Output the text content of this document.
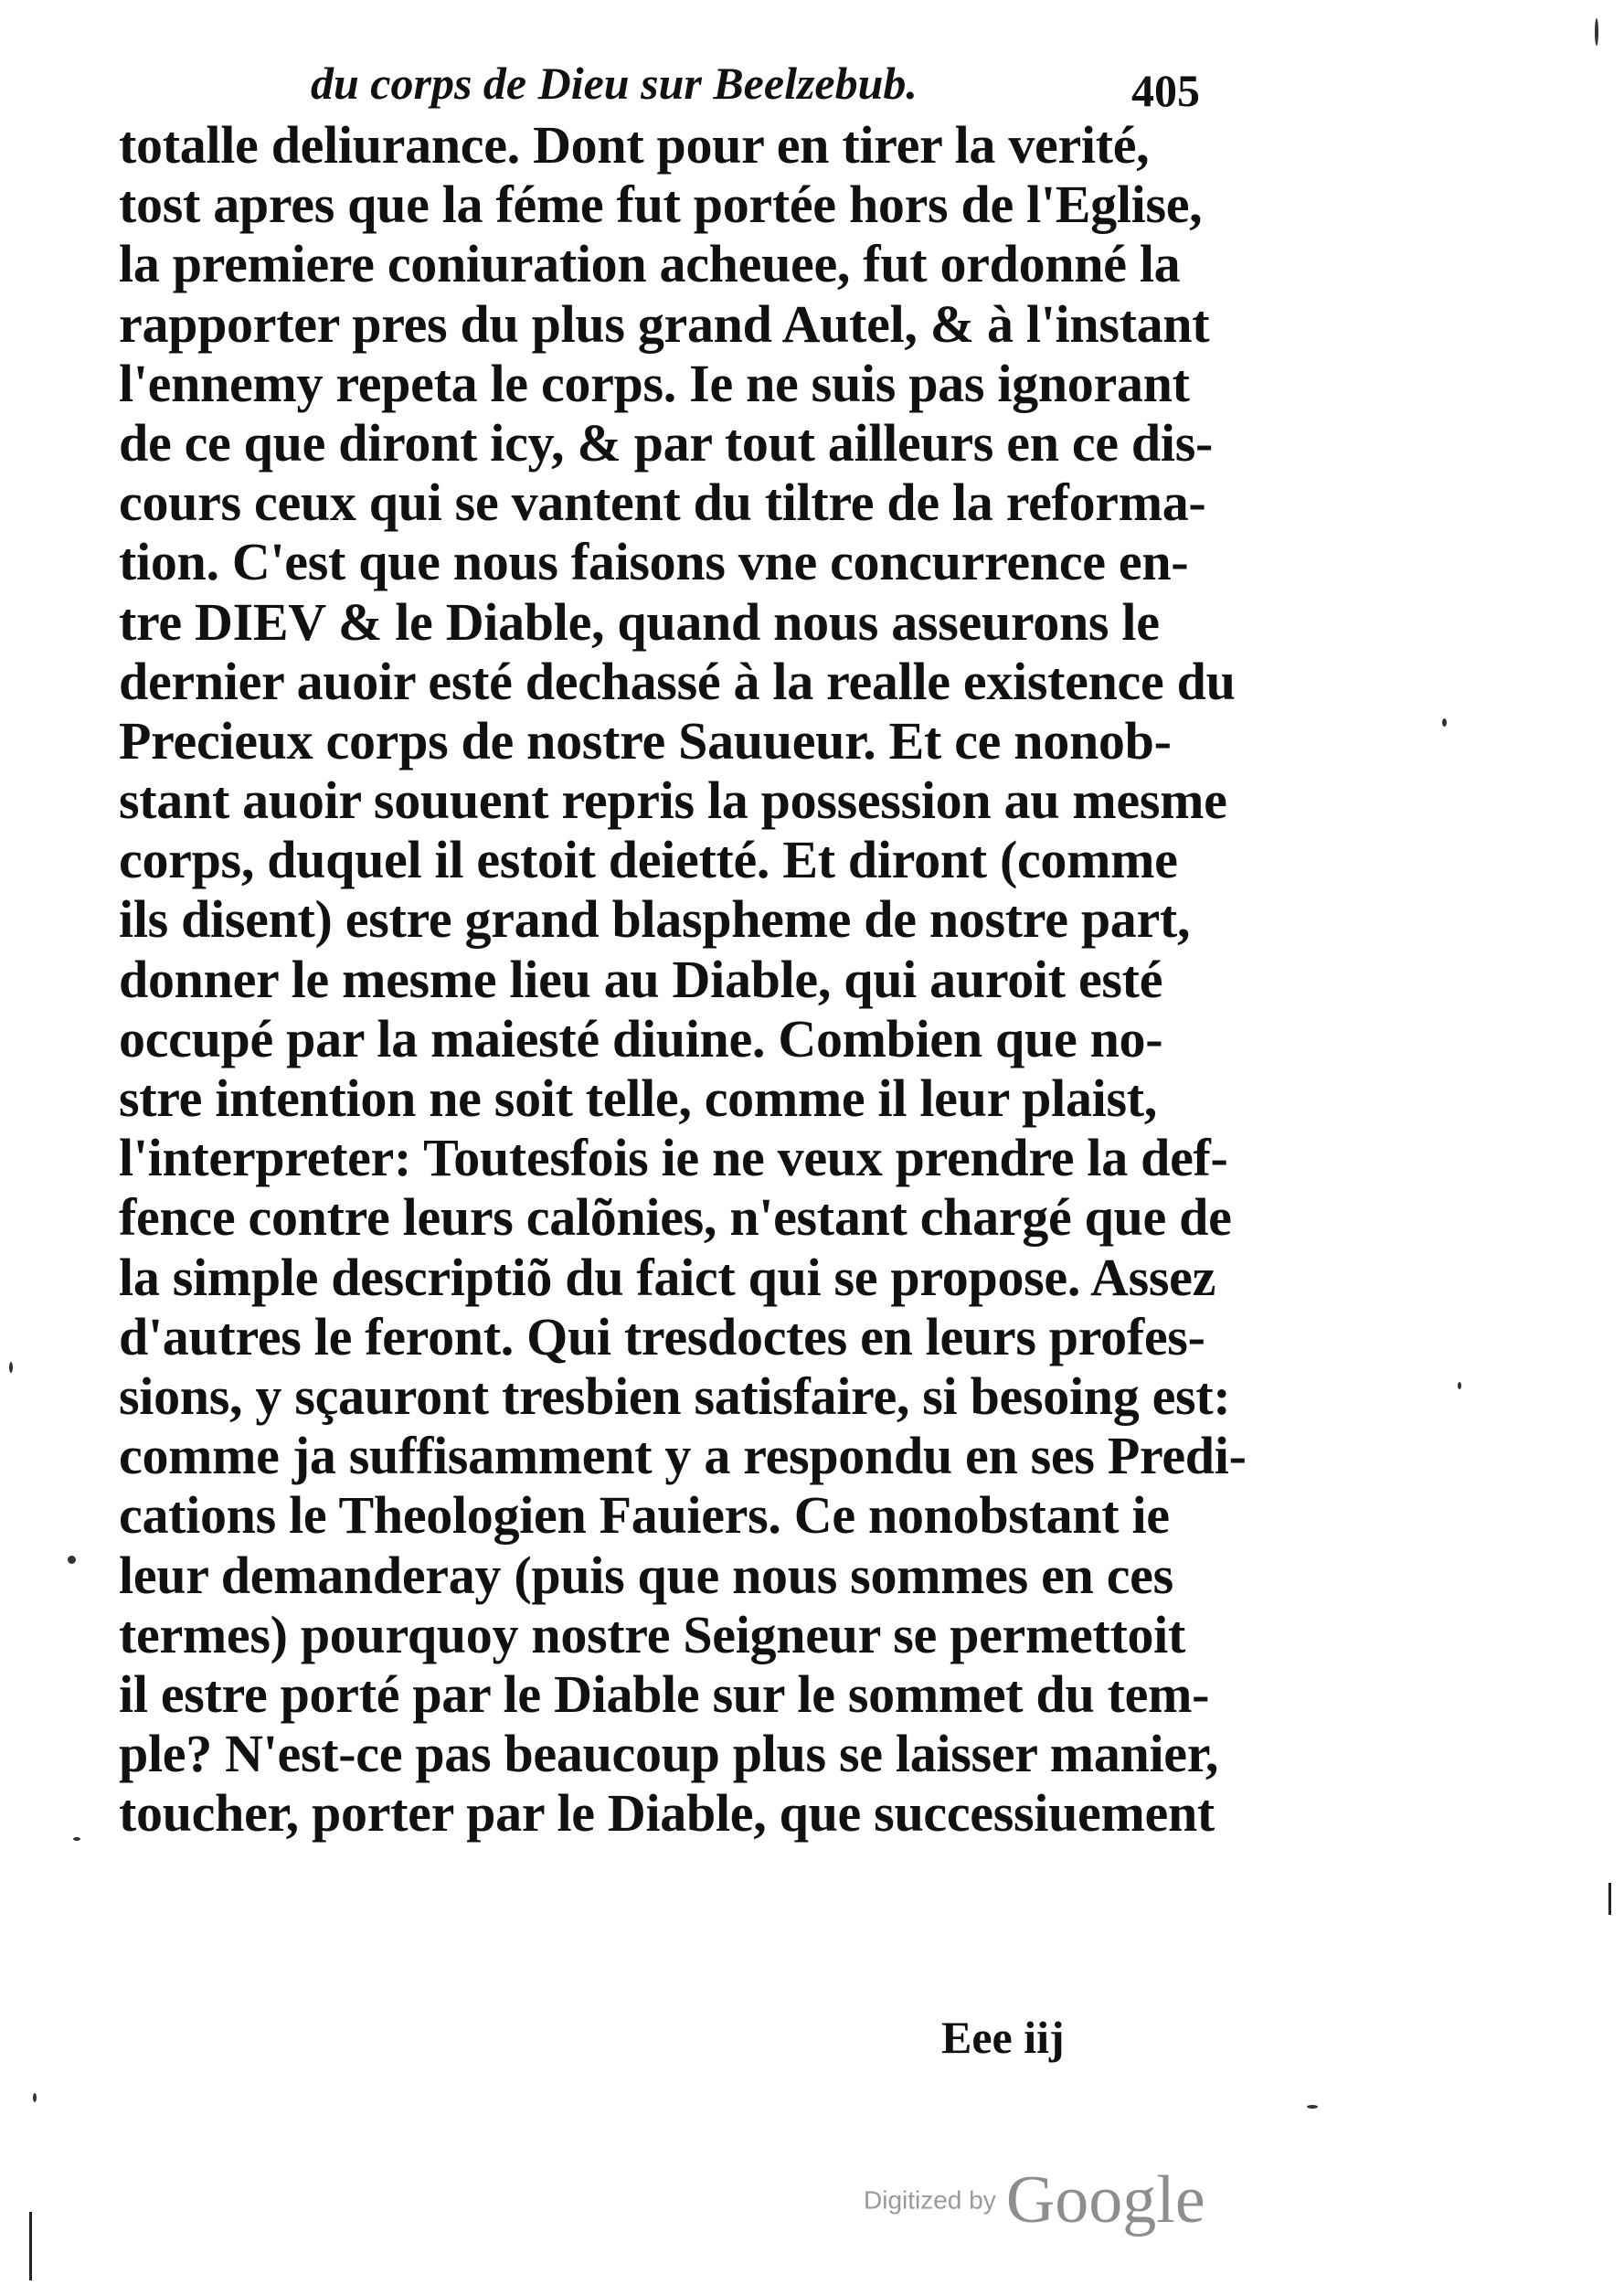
du corps de Dieu sur Beelzebub.	405
totalle deliurance. Dont pour en tirer la verité,
tost apres que la féme fut portée hors de l'Eglise,
la premiere coniuration acheuee, fut ordonné la
rapporter pres du plus grand Autel, & à l'instant
l'ennemy repeta le corps. Ie ne suis pas ignorant
de ce que diront icy, & par tout ailleurs en ce dis-
cours ceux qui se vantent du tiltre de la reforma-
tion. C'est que nous faisons vne concurrence en-
tre DIEV & le Diable, quand nous asseurons le
dernier auoir esté dechassé à la realle existence du
Precieux corps de nostre Sauueur. Et ce nonob-
stant auoir souuent repris la possession au mesme
corps, duquel il estoit deietté. Et diront (comme
ils disent) estre grand blaspheme de nostre part,
donner le mesme lieu au Diable, qui auroit esté
occupé par la maiesté diuine. Combien que no-
stre intention ne soit telle, comme il leur plaist,
l'interpreter: Toutesfois ie ne veux prendre la def-
fence contre leurs calõnies, n'estant chargé que de
la simple descriptiõ du faict qui se propose. Assez
d'autres le feront. Qui tresdoctes en leurs profes-
sions, y sçauront tresbien satisfaire, si besoing est:
comme ja suffisamment y a respondu en ses Predi-
cations le Theologien Fauiers. Ce nonobstant ie
leur demanderay (puis que nous sommes en ces
termes) pourquoy nostre Seigneur se permettoit
il estre porté par le Diable sur le sommet du tem-
ple? N'est-ce pas beaucoup plus se laisser manier,
toucher, porter par le Diable, que successiuement
Eee iij
Digitized by Google
